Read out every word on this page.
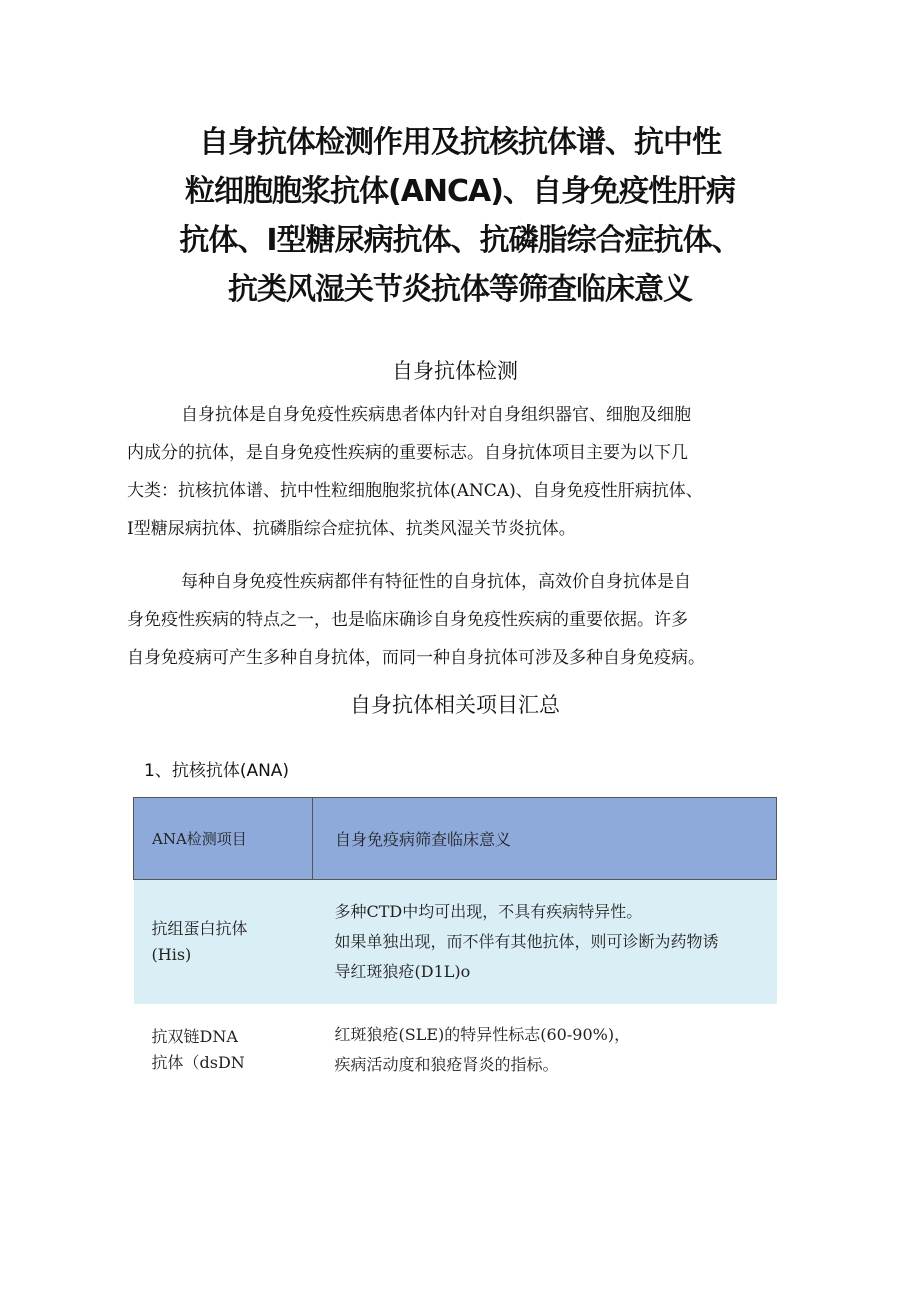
自身抗体检测作用及抗核抗体谱、抗中性
粒细胞胞浆抗体(ANCA)、自身免疫性肝病
抗体、I型糖尿病抗体、抗磷脂综合症抗体、
抗类风湿关节炎抗体等筛查临床意义
自身抗体检测
自身抗体是自身免疫性疾病患者体内针对自身组织器官、细胞及细胞
内成分的抗体，是自身免疫性疾病的重要标志。自身抗体项目主要为以下几
大类：抗核抗体谱、抗中性粒细胞胞浆抗体(ANCA)、自身免疫性肝病抗体、
I型糖尿病抗体、抗磷脂综合症抗体、抗类风湿关节炎抗体。
每种自身免疫性疾病都伴有特征性的自身抗体，高效价自身抗体是自
身免疫性疾病的特点之一，也是临床确诊自身免疫性疾病的重要依据。许多
自身免疫病可产生多种自身抗体，而同一种自身抗体可涉及多种自身免疫病。
自身抗体相关项目汇总
1、抗核抗体(ANA)
ANA检测项目	自身免疫病筛查临床意义

抗组蛋白抗体
(His)	多种CTD中均可出现，不具有疾病特异性。
如果单独出现，而不伴有其他抗体，则可诊断为药物诱
导红斑狼疮(D1L)o

抗双链DNA
抗体（dsDN	红斑狼疮(SLE)的特异性标志(60-90%)，
疾病活动度和狼疮肾炎的指标。
